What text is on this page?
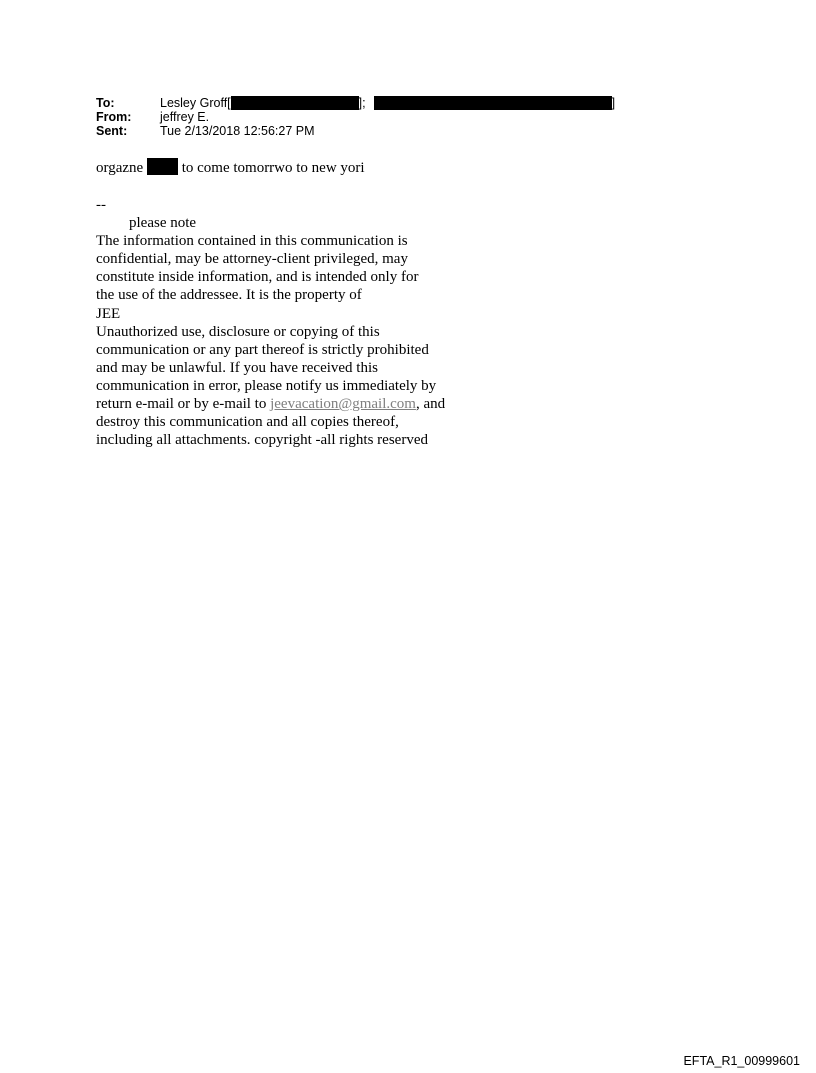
To:	Lesley Groff[	];	]
From:	jeffrey E.
Sent:	Tue 2/13/2018 12:56:27 PM
orgazne	to come tomorrwo to new yori
--
please note
The information contained in this communication is
confidential, may be attorney-client privileged, may
constitute inside information, and is intended only for
the use of the addressee. It is the property of
JEE
Unauthorized use, disclosure or copying of this
communication or any part thereof is strictly prohibited
and may be unlawful. If you have received this
communication in error, please notify us immediately by
return e-mail or by e-mail to jeevacation@gmail.com, and
destroy this communication and all copies thereof,
including all attachments. copyright -all rights reserved
EFTA_R1_00999601
